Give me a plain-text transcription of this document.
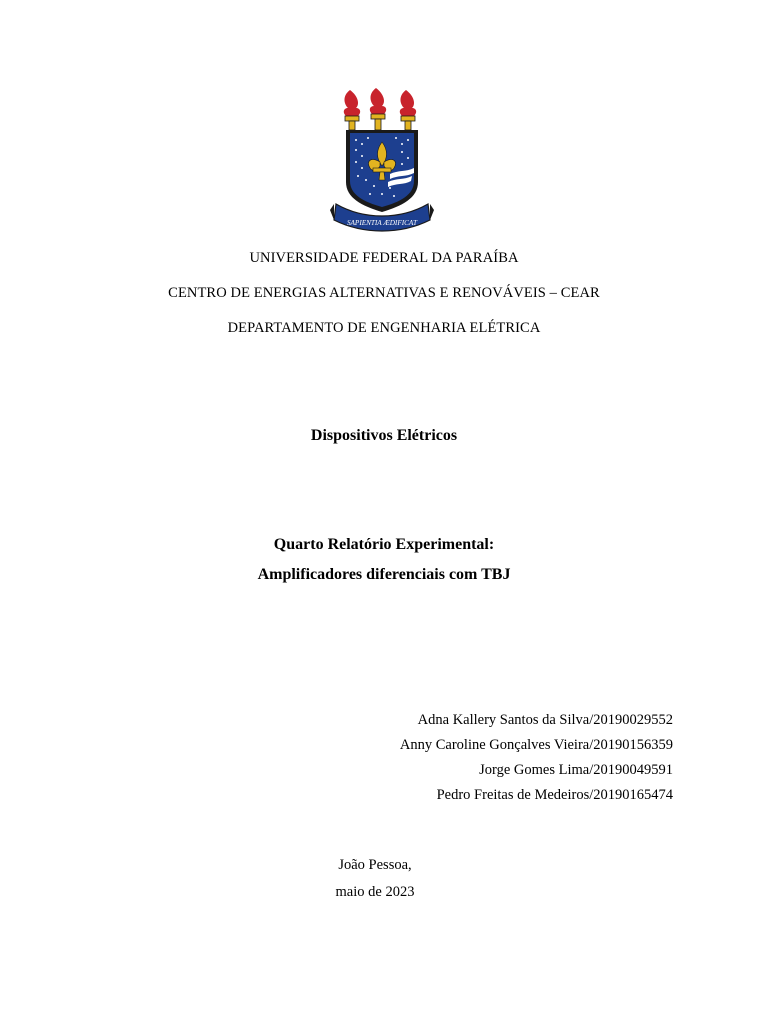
SAPIENTIA ÆDIFICAT
UNIVERSIDADE FEDERAL DA PARAÍBA
CENTRO DE ENERGIAS ALTERNATIVAS E RENOVÁVEIS – CEAR
DEPARTAMENTO DE ENGENHARIA ELÉTRICA
Dispositivos Elétricos
Quarto Relatório Experimental:
Amplificadores diferenciais com TBJ
Adna Kallery Santos da Silva/20190029552
Anny Caroline Gonçalves Vieira/20190156359
Jorge Gomes Lima/20190049591
Pedro Freitas de Medeiros/20190165474
João Pessoa,
maio de 2023
